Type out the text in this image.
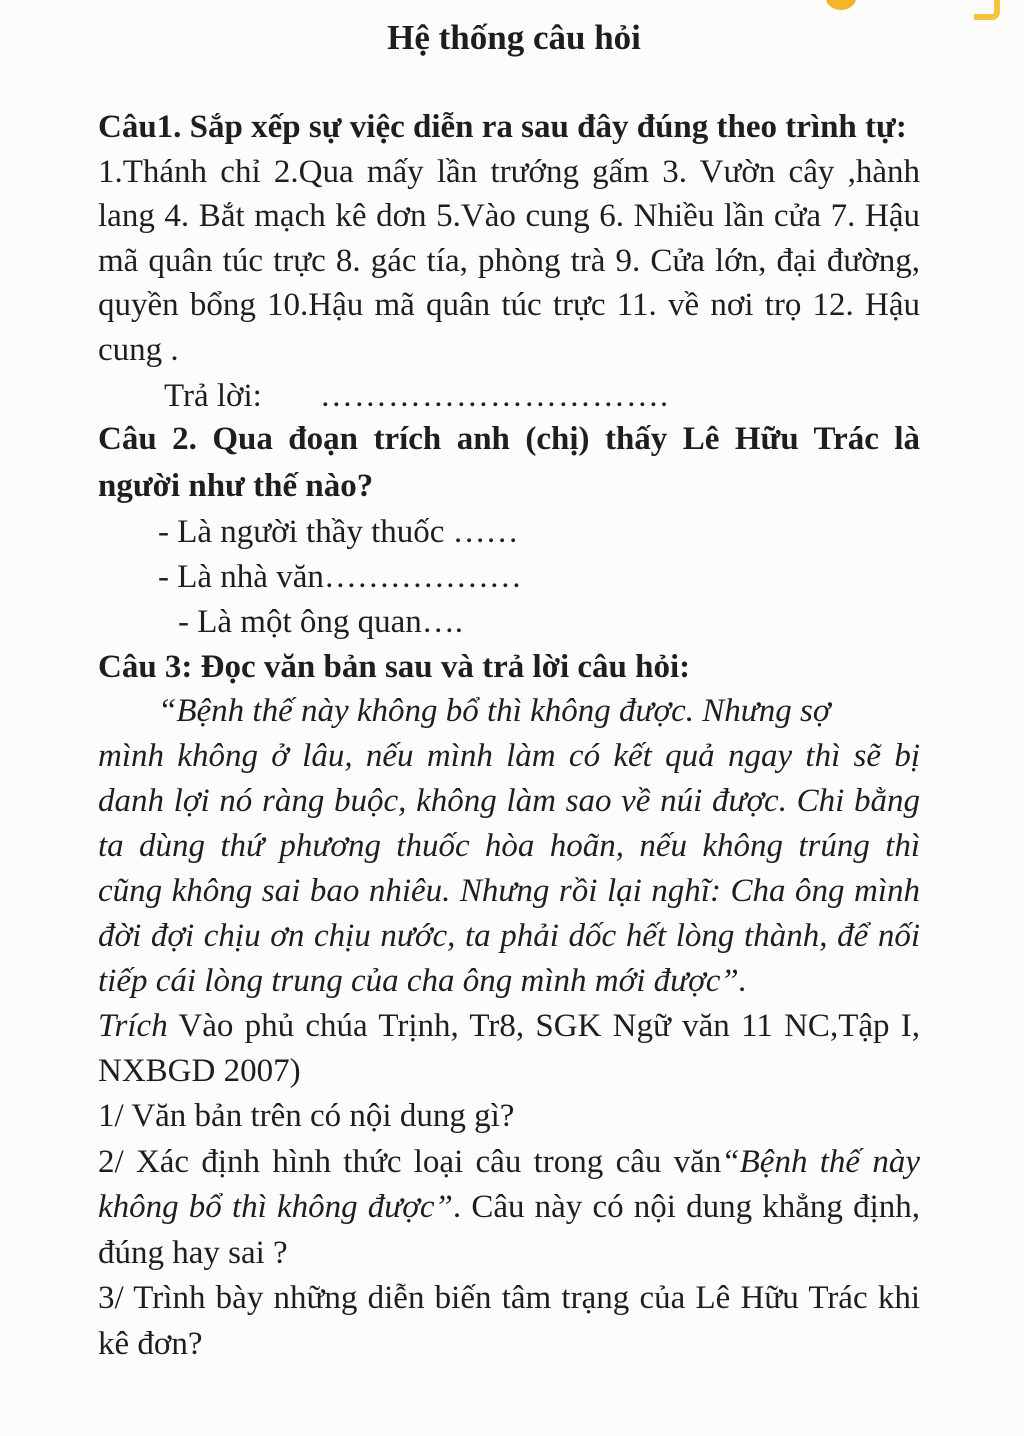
Hệ thống câu hỏi

Câu1. Sắp xếp sự việc diễn ra sau đây đúng theo trình tự:

1.Thánh chỉ 2.Qua mấy lần trướng gấm 3. Vườn cây ,hành lang 4. Bắt mạch kê dơn 5.Vào cung 6. Nhiều lần cửa 7. Hậu mã quân túc trực 8. gác tía, phòng trà 9. Cửa lớn, đại đường, quyền bổng 10.Hậu mã quân túc trực 11. về nơi trọ 12. Hậu cung .

Trả lời: ………………………….

Câu 2. Qua đoạn trích anh (chị) thấy Lê Hữu Trác là người như thế nào?

- Là người thầy thuốc ……

- Là nhà văn………………

- Là một ông quan….

Câu 3: Đọc văn bản sau và trả lời câu hỏi:

“Bệnh thế này không bổ thì không được. Nhưng sợ
mình không ở lâu, nếu mình làm có kết quả ngay thì sẽ bị danh lợi nó ràng buộc, không làm sao về núi được. Chi bằng ta dùng thứ phương thuốc hòa hoãn, nếu không trúng thì cũng không sai bao nhiêu. Nhưng rồi lại nghĩ: Cha ông mình đời đợi chịu ơn chịu nước, ta phải dốc hết lòng thành, để nối tiếp cái lòng trung của cha ông mình mới được”.

Trích Vào phủ chúa Trịnh, Tr8, SGK Ngữ văn 11 NC,Tập I, NXBGD 2007)

1/ Văn bản trên có nội dung gì?

2/ Xác định hình thức loại câu trong câu văn“Bệnh thế này không bổ thì không được”. Câu này có nội dung khẳng định, đúng hay sai ?

3/ Trình bày những diễn biến tâm trạng của Lê Hữu Trác khi kê đơn?
